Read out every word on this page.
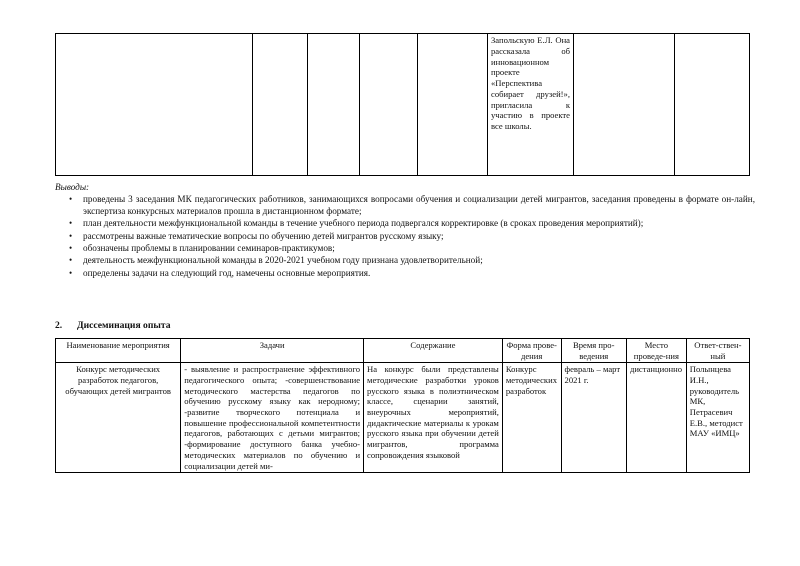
					Запольскую Е.Л. Она рассказала об инновационном проекте «Перспектива собирает друзей!», пригласила к участию в проекте все школы.		
Выводы:
• проведены 3 заседания МК педагогических работников, занимающихся вопросами обучения и социализации детей мигрантов, заседания проведены в формате он-лайн, экспертиза конкурсных материалов прошла в дистанционном формате;
• план деятельности межфункциональной команды в течение учебного периода подвергался корректировке (в сроках проведения мероприятий);
• рассмотрены важные тематические вопросы по обучению детей мигрантов русскому языку;
• обозначены проблемы в планировании семинаров-практикумов;
• деятельность межфункциональной команды в 2020-2021 учебном году признана удовлетворительной;
• определены задачи на следующий год, намечены основные мероприятия.
2. Диссеминация опыта
Наименование мероприятия	Задачи	Содержание	Форма прове-дения	Время про-ведения	Место проведе-ния	Ответ-ствен-ный
Конкурс методических разработок педагогов, обучающих детей мигрантов	- выявление и распространение эффективного педагогического опыта; -совершенствование методического мастерства педагогов по обучению русскому языку как неродному; -развитие творческого потенциала и повышение профессиональной компетентности педагогов, работающих с детьми мигрантов; -формирование доступного банка учебно-методических материалов по обучению и социализации детей ми-	На конкурс были представлены методические разработки уроков русского языка в полиэтническом классе, сценарии занятий, внеурочных мероприятий, дидактические материалы к урокам русского языка при обучении детей мигрантов, программа сопровождения языковой	Конкурс методических разработок	февраль – март 2021 г.	дистанционно	Полынцева И.Н., руководитель МК, Петрасевич Е.В., методист МАУ «ИМЦ»
